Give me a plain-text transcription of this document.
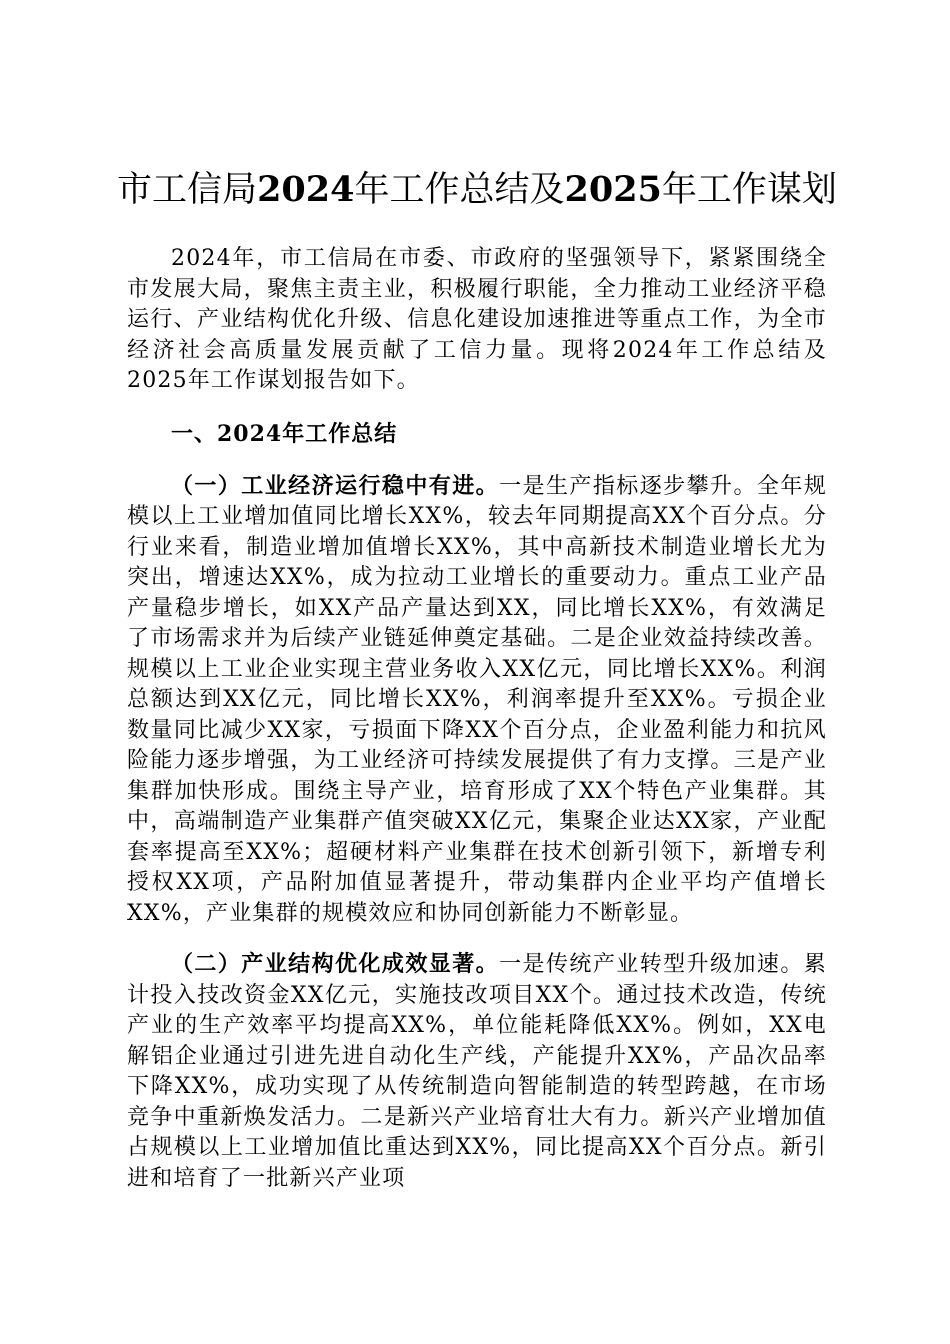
市工信局2024年工作总结及2025年工作谋划

2024年，市工信局在市委、市政府的坚强领导下，紧紧围绕全市发展大局，聚焦主责主业，积极履行职能，全力推动工业经济平稳运行、产业结构优化升级、信息化建设加速推进等重点工作，为全市经济社会高质量发展贡献了工信力量。现将2024年工作总结及2025年工作谋划报告如下。

一、2024年工作总结

（一）工业经济运行稳中有进。一是生产指标逐步攀升。全年规模以上工业增加值同比增长XX%，较去年同期提高XX个百分点。分行业来看，制造业增加值增长XX%，其中高新技术制造业增长尤为突出，增速达XX%，成为拉动工业增长的重要动力。重点工业产品产量稳步增长，如XX产品产量达到XX，同比增长XX%，有效满足了市场需求并为后续产业链延伸奠定基础。二是企业效益持续改善。规模以上工业企业实现主营业务收入XX亿元，同比增长XX%。利润总额达到XX亿元，同比增长XX%，利润率提升至XX%。亏损企业数量同比减少XX家，亏损面下降XX个百分点，企业盈利能力和抗风险能力逐步增强，为工业经济可持续发展提供了有力支撑。三是产业集群加快形成。围绕主导产业，培育形成了XX个特色产业集群。其中，高端制造产业集群产值突破XX亿元，集聚企业达XX家，产业配套率提高至XX%；超硬材料产业集群在技术创新引领下，新增专利授权XX项，产品附加值显著提升，带动集群内企业平均产值增长XX%，产业集群的规模效应和协同创新能力不断彰显。

（二）产业结构优化成效显著。一是传统产业转型升级加速。累计投入技改资金XX亿元，实施技改项目XX个。通过技术改造，传统产业的生产效率平均提高XX%，单位能耗降低XX%。例如，XX电解铝企业通过引进先进自动化生产线，产能提升XX%，产品次品率下降XX%，成功实现了从传统制造向智能制造的转型跨越，在市场竞争中重新焕发活力。二是新兴产业培育壮大有力。新兴产业增加值占规模以上工业增加值比重达到XX%，同比提高XX个百分点。新引进和培育了一批新兴产业项
